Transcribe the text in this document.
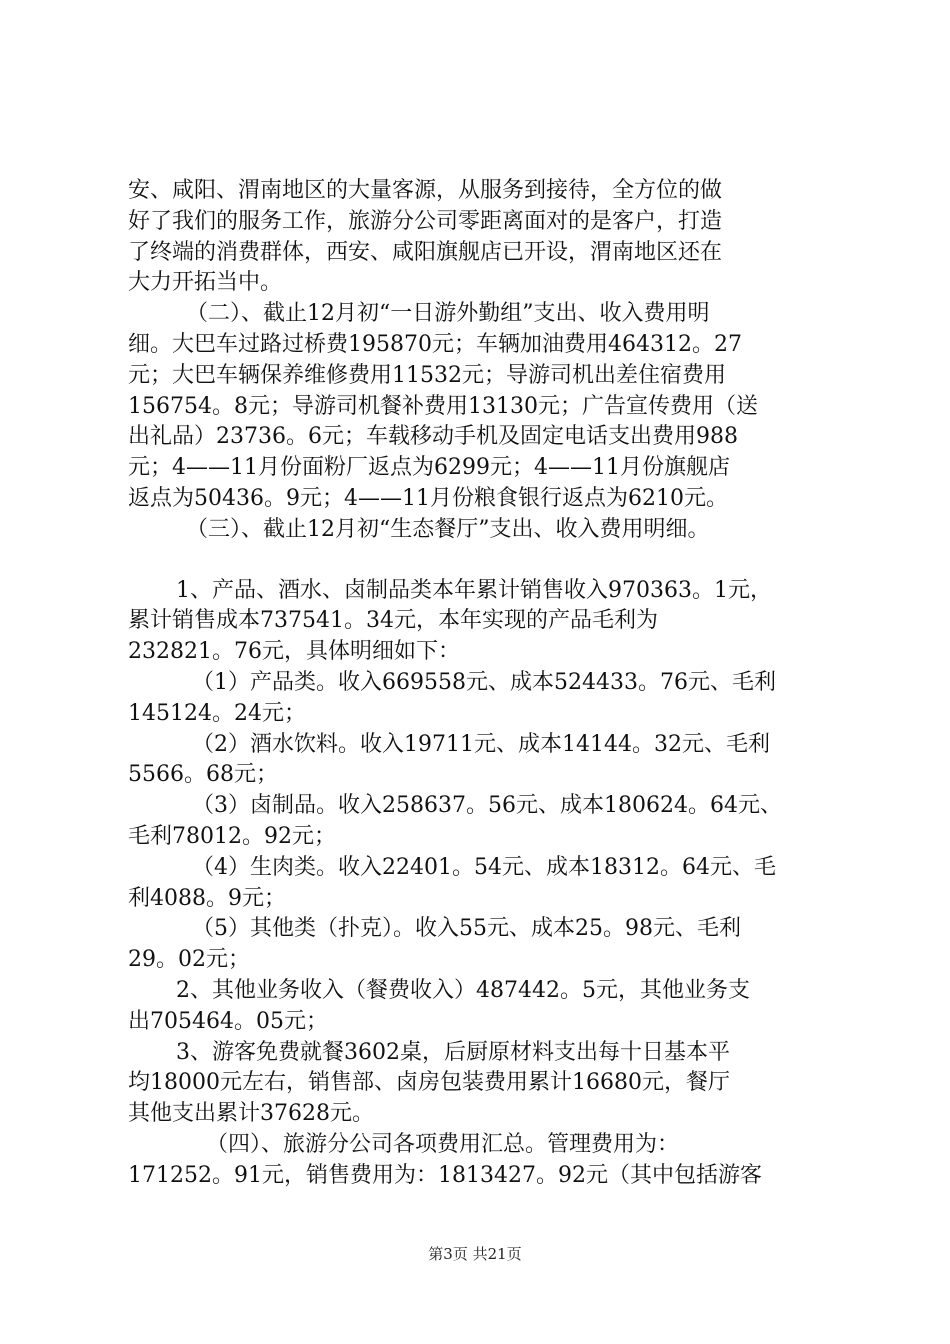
安、咸阳、渭南地区的大量客源，从服务到接待，全方位的做
好了我们的服务工作，旅游分公司零距离面对的是客户，打造
了终端的消费群体，西安、咸阳旗舰店已开设，渭南地区还在
大力开拓当中。
（二）、截止12月初“一日游外勤组”支出、收入费用明
细。大巴车过路过桥费195870元；车辆加油费用464312。27
元；大巴车辆保养维修费用11532元；导游司机出差住宿费用
156754。8元；导游司机餐补费用13130元；广告宣传费用（送
出礼品）23736。6元；车载移动手机及固定电话支出费用988
元；4——11月份面粉厂返点为6299元；4——11月份旗舰店
返点为50436。9元；4——11月份粮食银行返点为6210元。
（三）、截止12月初“生态餐厅”支出、收入费用明细。
1、产品、酒水、卤制品类本年累计销售收入970363。1元，
累计销售成本737541。34元，本年实现的产品毛利为
232821。76元，具体明细如下：
（1）产品类。收入669558元、成本524433。76元、毛利
145124。24元；
（2）酒水饮料。收入19711元、成本14144。32元、毛利
5566。68元；
（3）卤制品。收入258637。56元、成本180624。64元、
毛利78012。92元；
（4）生肉类。收入22401。54元、成本18312。64元、毛
利4088。9元；
（5）其他类（扑克）。收入55元、成本25。98元、毛利
29。02元；
2、其他业务收入（餐费收入）487442。5元，其他业务支
出705464。05元；
3、游客免费就餐3602桌，后厨原材料支出每十日基本平
均18000元左右，销售部、卤房包装费用累计16680元，餐厅
其他支出累计37628元。
（四）、旅游分公司各项费用汇总。管理费用为：
171252。91元，销售费用为：1813427。92元（其中包括游客
第3页 共21页
